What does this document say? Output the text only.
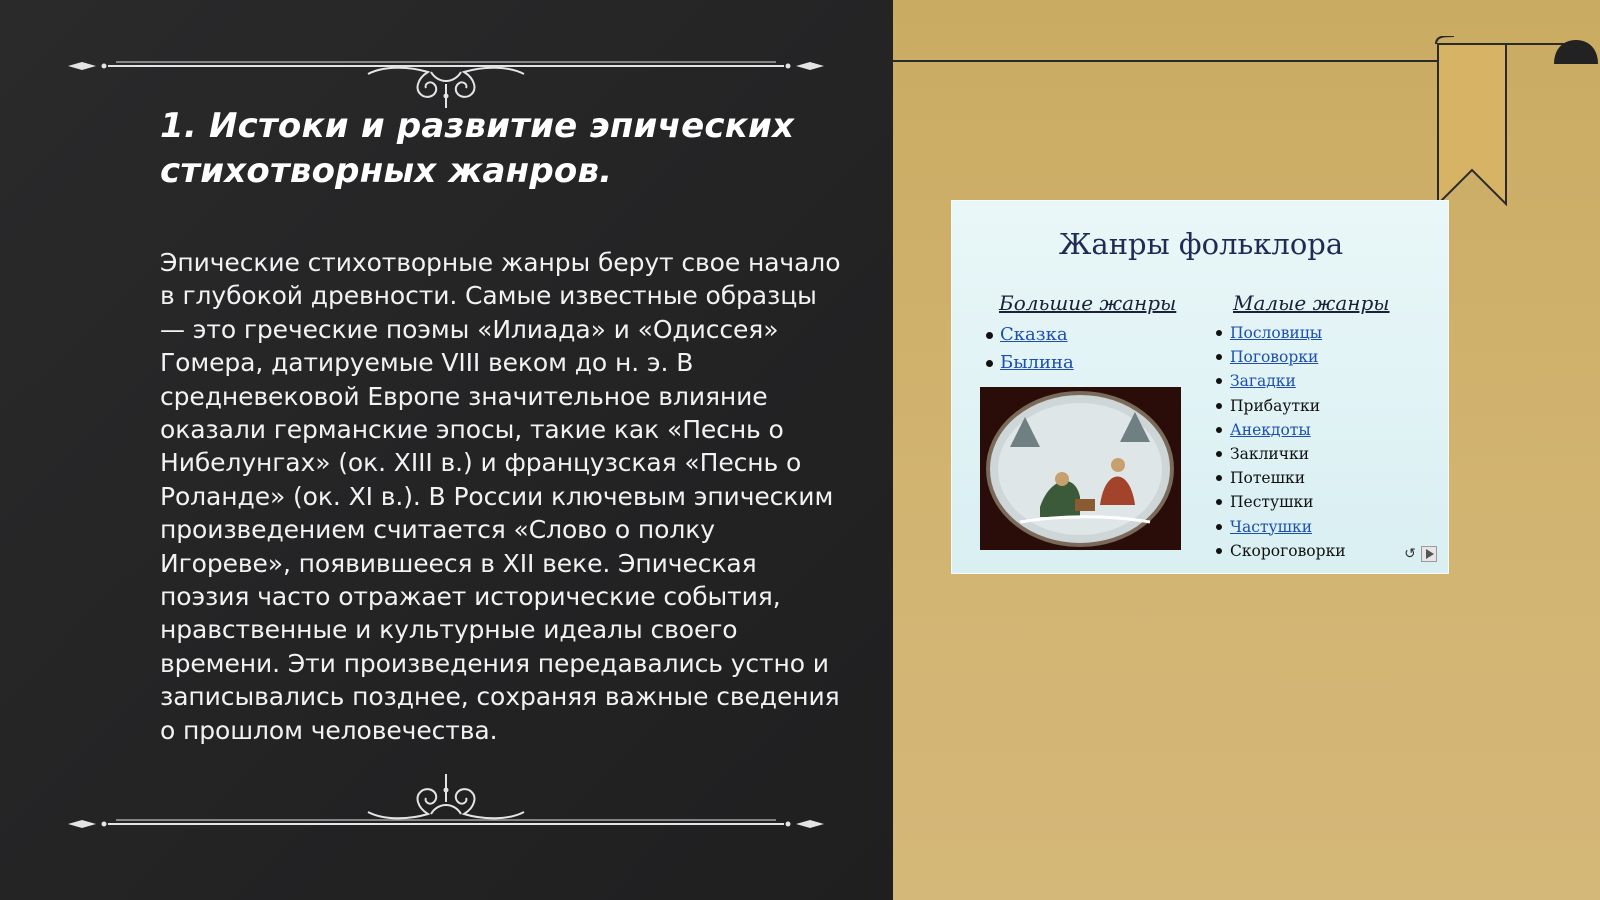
1. Истоки и развитие эпических стихотворных жанров.

Эпические стихотворные жанры берут свое начало в глубокой древности. Самые известные образцы — это греческие поэмы «Илиада» и «Одиссея» Гомера, датируемые VIII веком до н. э. В средневековой Европе значительное влияние оказали германские эпосы, такие как «Песнь о Нибелунгах» (ок. XIII в.) и французская «Песнь о Роланде» (ок. XI в.). В России ключевым эпическим произведением считается «Слово о полку Игореве», появившееся в XII веке. Эпическая поэзия часто отражает исторические события, нравственные и культурные идеалы своего времени. Эти произведения передавались устно и записывались позднее, сохраняя важные сведения о прошлом человечества.

Жанры фольклора
Большие жанры
Сказка
Былина
Малые жанры
Пословицы
Поговорки
Загадки
Прибаутки
Анекдоты
Заклички
Потешки
Пестушки
Частушки
Скороговорки	↺
